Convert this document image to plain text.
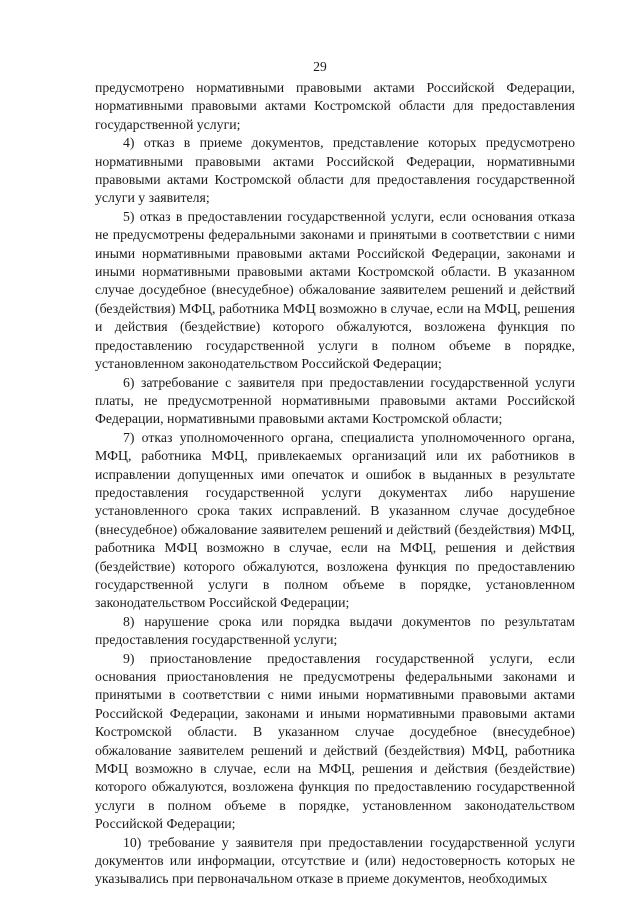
29

предусмотрено нормативными правовыми актами Российской Федерации, нормативными правовыми актами Костромской области для предоставления государственной услуги;

4) отказ в приеме документов, представление которых предусмотрено нормативными правовыми актами Российской Федерации, нормативными правовыми актами Костромской области для предоставления государственной услуги у заявителя;

5) отказ в предоставлении государственной услуги, если основания отказа не предусмотрены федеральными законами и принятыми в соответствии с ними иными нормативными правовыми актами Российской Федерации, законами и иными нормативными правовыми актами Костромской области. В указанном случае досудебное (внесудебное) обжалование заявителем решений и действий (бездействия) МФЦ, работника МФЦ возможно в случае, если на МФЦ, решения и действия (бездействие) которого обжалуются, возложена функция по предоставлению государственной услуги в полном объеме в порядке, установленном законодательством Российской Федерации;

6) затребование с заявителя при предоставлении государственной услуги платы, не предусмотренной нормативными правовыми актами Российской Федерации, нормативными правовыми актами Костромской области;

7) отказ уполномоченного органа, специалиста уполномоченного органа, МФЦ, работника МФЦ, привлекаемых организаций или их работников в исправлении допущенных ими опечаток и ошибок в выданных в результате предоставления государственной услуги документах либо нарушение установленного срока таких исправлений. В указанном случае досудебное (внесудебное) обжалование заявителем решений и действий (бездействия) МФЦ, работника МФЦ возможно в случае, если на МФЦ, решения и действия (бездействие) которого обжалуются, возложена функция по предоставлению государственной услуги в полном объеме в порядке, установленном законодательством Российской Федерации;

8) нарушение срока или порядка выдачи документов по результатам предоставления государственной услуги;

9) приостановление предоставления государственной услуги, если основания приостановления не предусмотрены федеральными законами и принятыми в соответствии с ними иными нормативными правовыми актами Российской Федерации, законами и иными нормативными правовыми актами Костромской области. В указанном случае досудебное (внесудебное) обжалование заявителем решений и действий (бездействия) МФЦ, работника МФЦ возможно в случае, если на МФЦ, решения и действия (бездействие) которого обжалуются, возложена функция по предоставлению государственной услуги в полном объеме в порядке, установленном законодательством Российской Федерации;

10) требование у заявителя при предоставлении государственной услуги документов или информации, отсутствие и (или) недостоверность которых не указывались при первоначальном отказе в приеме документов, необходимых
